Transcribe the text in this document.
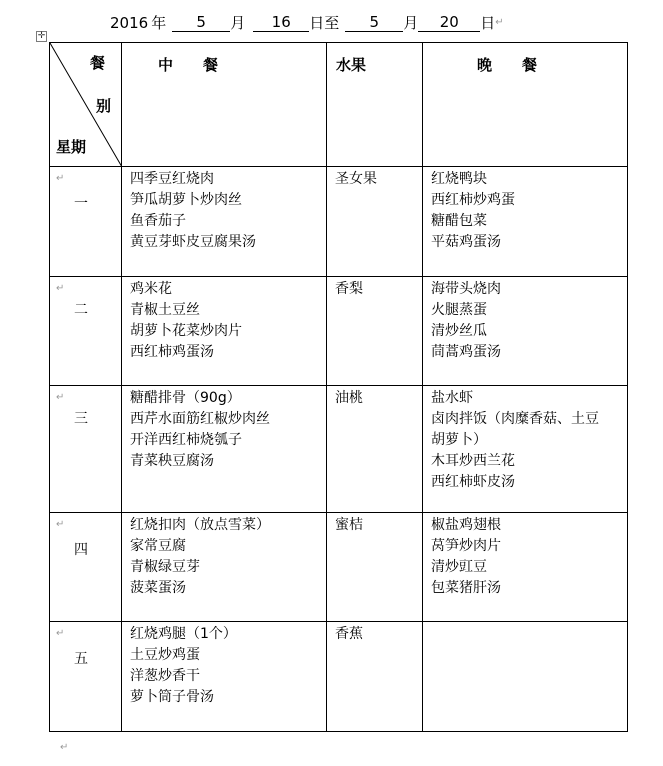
2016 年	5	月	16	日至	5	月	20	日 ↵
✛
餐
别
星期	中　　餐	水果	晚　　餐

↵
一	四季豆红烧肉
笋瓜胡萝卜炒肉丝
鱼香茄子
黄豆芽虾皮豆腐果汤	圣女果	红烧鸭块
西红柿炒鸡蛋
糖醋包菜
平菇鸡蛋汤

↵
二	鸡米花
青椒土豆丝
胡萝卜花菜炒肉片
西红柿鸡蛋汤	香梨	海带头烧肉
火腿蒸蛋
清炒丝瓜
茼蒿鸡蛋汤

↵
三	糖醋排骨（90g）
西芹水面筋红椒炒肉丝
开洋西红柿烧瓠子
青菜秧豆腐汤	油桃	盐水虾
卤肉拌饭（肉糜香菇、土豆
胡萝卜）
木耳炒西兰花
西红柿虾皮汤

↵
四	红烧扣肉（放点雪菜）
家常豆腐
青椒绿豆芽
菠菜蛋汤	蜜桔	椒盐鸡翅根
莴笋炒肉片
清炒豇豆
包菜猪肝汤

↵
五	红烧鸡腿（1个）
土豆炒鸡蛋
洋葱炒香干
萝卜筒子骨汤	香蕉	

↵
